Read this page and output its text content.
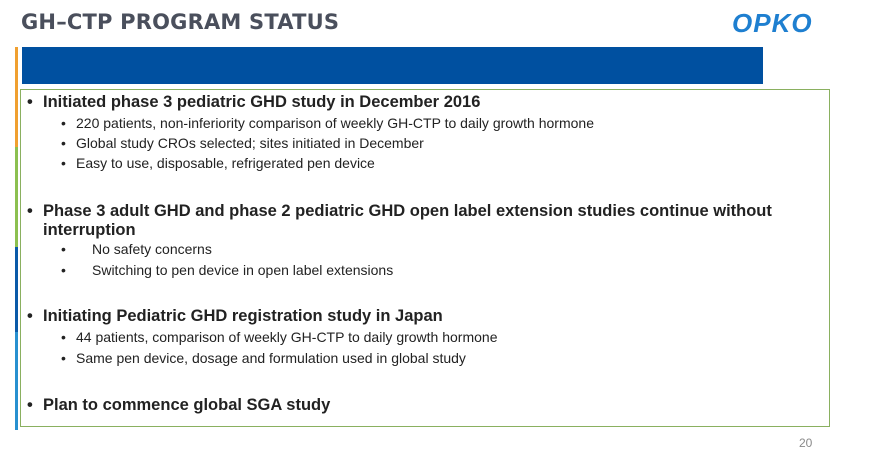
GH–CTP PROGRAM STATUS	OPKO
• Initiated phase 3 pediatric GHD study in December 2016
• 220 patients, non-inferiority comparison of weekly GH-CTP to daily growth hormone
• Global study CROs selected; sites initiated in December
• Easy to use, disposable, refrigerated pen device
• Phase 3 adult GHD and phase 2 pediatric GHD open label extension studies continue without interruption
• No safety concerns
• Switching to pen device in open label extensions
• Initiating Pediatric GHD registration study in Japan
• 44 patients, comparison of weekly GH-CTP to daily growth hormone
• Same pen device, dosage and formulation used in global study
• Plan to commence global SGA study
20
